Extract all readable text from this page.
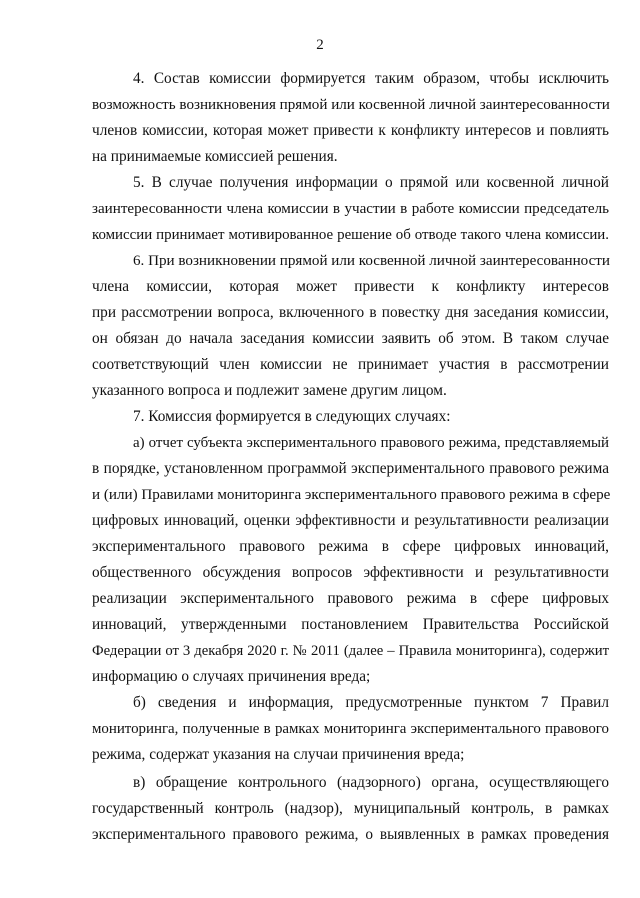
2
4. Состав комиссии формируется таким образом, чтобы исключить
возможность возникновения прямой или косвенной личной заинтересованности
членов комиссии, которая может привести к конфликту интересов и повлиять
на принимаемые комиссией решения.
5. В случае получения информации о прямой или косвенной личной
заинтересованности члена комиссии в участии в работе комиссии председатель
комиссии принимает мотивированное решение об отводе такого члена комиссии.
6. При возникновении прямой или косвенной личной заинтересованности
члена комиссии, которая может привести к конфликту интересов
при рассмотрении вопроса, включенного в повестку дня заседания комиссии,
он обязан до начала заседания комиссии заявить об этом. В таком случае
соответствующий член комиссии не принимает участия в рассмотрении
указанного вопроса и подлежит замене другим лицом.
7. Комиссия формируется в следующих случаях:
а) отчет субъекта экспериментального правового режима, представляемый
в порядке, установленном программой экспериментального правового режима
и (или) Правилами мониторинга экспериментального правового режима в сфере
цифровых инноваций, оценки эффективности и результативности реализации
экспериментального правового режима в сфере цифровых инноваций,
общественного обсуждения вопросов эффективности и результативности
реализации экспериментального правового режима в сфере цифровых
инноваций, утвержденными постановлением Правительства Российской
Федерации от 3 декабря 2020 г. № 2011 (далее – Правила мониторинга), содержит
информацию о случаях причинения вреда;
б) сведения и информация, предусмотренные пунктом 7 Правил
мониторинга, полученные в рамках мониторинга экспериментального правового
режима, содержат указания на случаи причинения вреда;
в) обращение контрольного (надзорного) органа, осуществляющего
государственный контроль (надзор), муниципальный контроль, в рамках
экспериментального правового режима, о выявленных в рамках проведения
